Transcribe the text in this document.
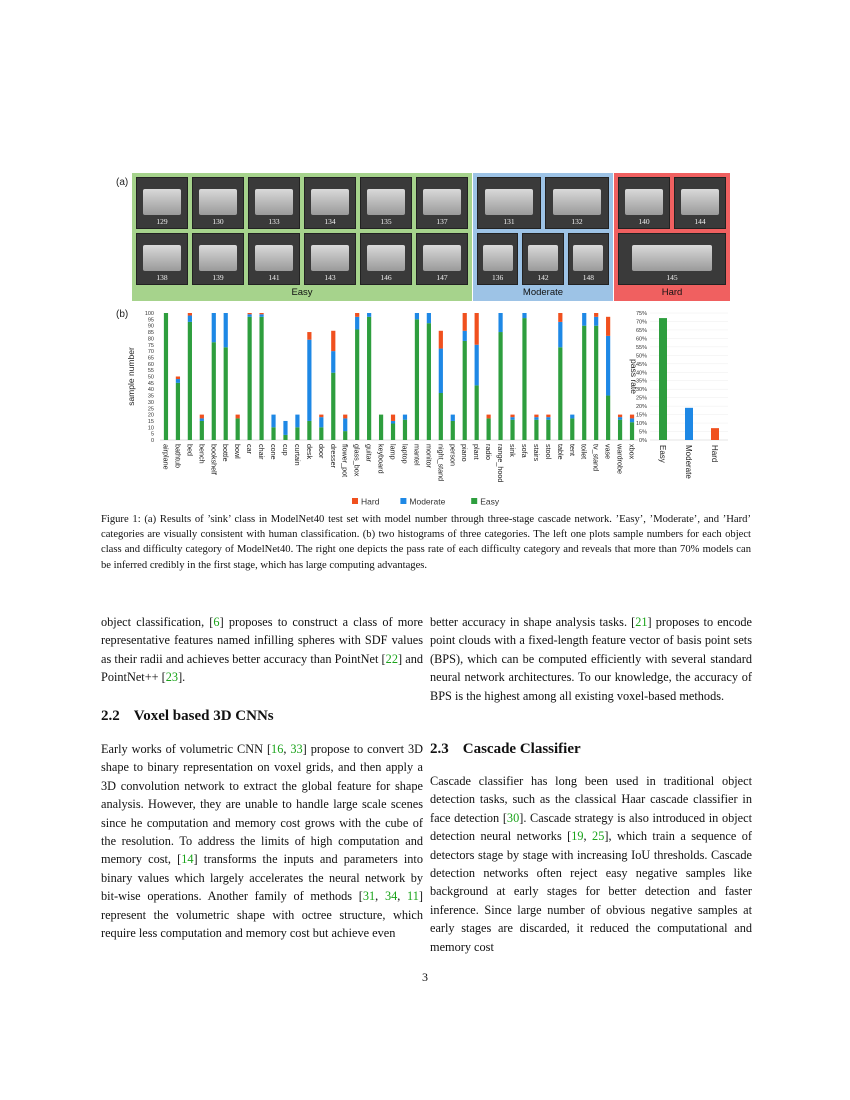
(a)
Easy
129	130	133	134	135	137
138	139	141	143	146	147
Moderate
131	132
136	142	148
Hard
140	144
145
(b)
0
5
10
15
20
25
30
35
40
45
50
55
60
65
70
75
80
85
90
95
100
sample number
airplane bathtub bed bench bookshelf bottle bowl car chair cone cup curtain desk door dresser flower_pot glass_box guitar keyboard lamp laptop mantel monitor night_stand person piano plant radio range_hood sink sofa stairs stool table tent toilet tv_stand vase wardrobe xbox
Hard	Moderate	Easy
0%
5%
10%
15%
20%
25%
30%
35%
40%
45%
50%
55%
60%
65%
70%
75%
pass rate
Easy Moderate Hard
Figure 1: (a) Results of ’sink’ class in ModelNet40 test set with model number through three-stage cascade network. ’Easy’, ’Moderate’, and ’Hard’ categories are visually consistent with human classification. (b) two histograms of three categories. The left one plots sample numbers for each object class and difficulty category of ModelNet40. The right one depicts the pass rate of each difficulty category and reveals that more than 70% models can be inferred credibly in the first stage, which has large computing advantages.

object classification, [6] proposes to construct a class of more representative features named infilling spheres with SDF values as their radii and achieves better accuracy than PointNet [22] and PointNet++ [23].

2.2 Voxel based 3D CNNs

Early works of volumetric CNN [16, 33] propose to convert 3D shape to binary representation on voxel grids, and then apply a 3D convolution network to extract the global feature for shape analysis. However, they are unable to handle large scale scenes since he computation and memory cost grows with the cube of the resolution. To address the limits of high computation and memory cost, [14] transforms the inputs and parameters into binary values which largely accelerates the neural network by bit-wise operations. Another family of methods [31, 34, 11] represent the volumetric shape with octree structure, which require less computation and memory cost but achieve even

better accuracy in shape analysis tasks. [21] proposes to encode point clouds with a fixed-length feature vector of basis point sets (BPS), which can be computed efficiently with several standard neural network architectures. To our knowledge, the accuracy of BPS is the highest among all existing voxel-based methods.

2.3 Cascade Classifier

Cascade classifier has long been used in traditional object detection tasks, such as the classical Haar cascade classifier in face detection [30]. Cascade strategy is also introduced in object detection neural networks [19, 25], which train a sequence of detectors stage by stage with increasing IoU thresholds. Cascade detection networks often reject easy negative samples like background at early stages for better detection and faster inference. Since large number of obvious negative samples at early stages are discarded, it reduced the computational and memory cost

3
